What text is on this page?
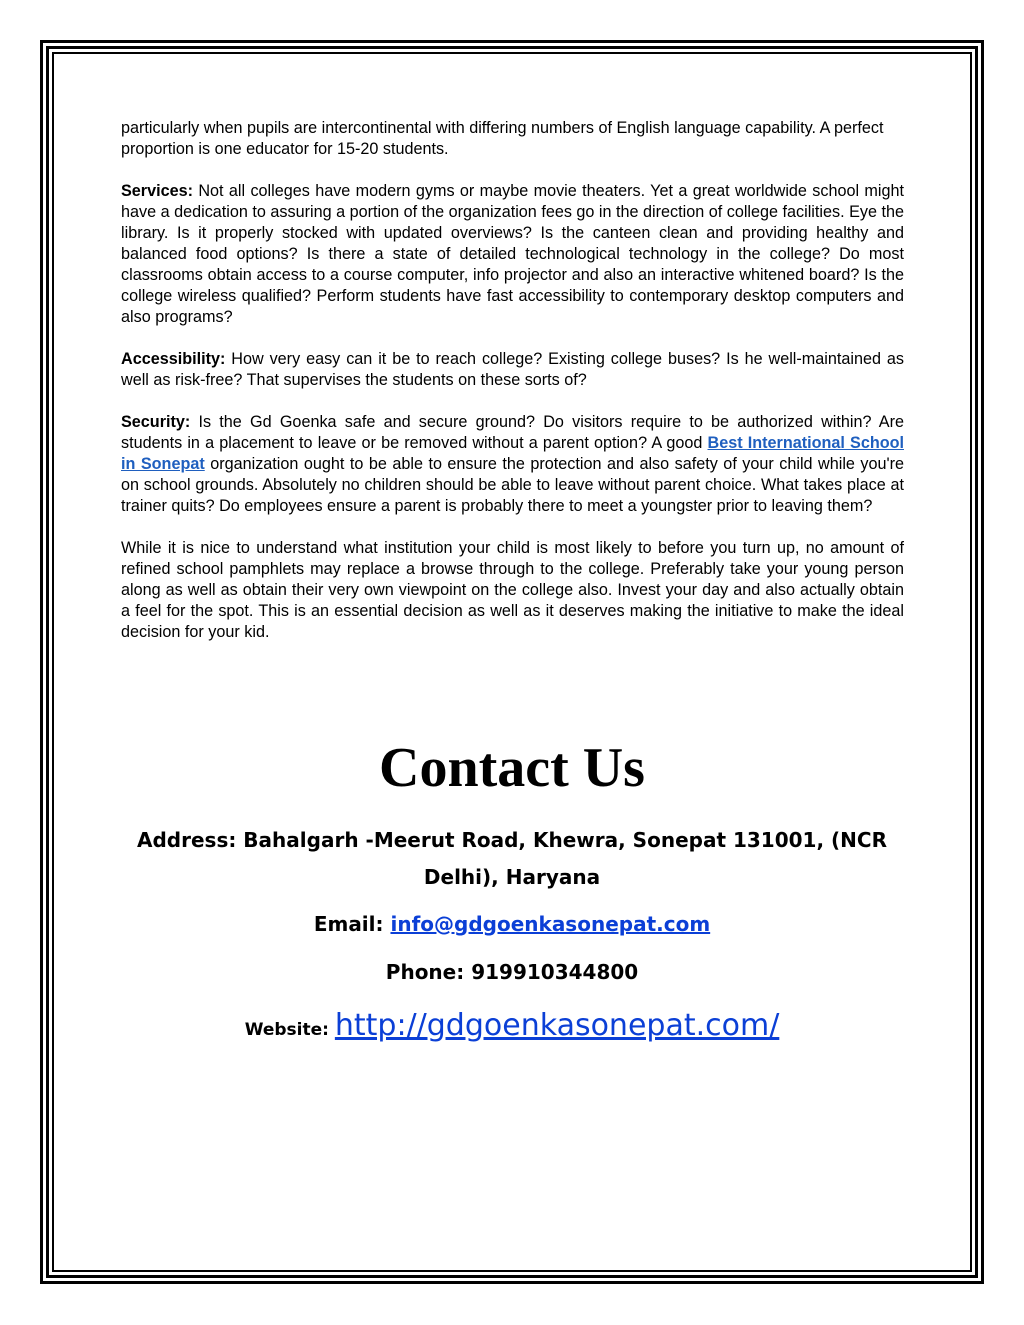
particularly when pupils are intercontinental with differing numbers of English language capability. A perfect proportion is one educator for 15-20 students.

Services: Not all colleges have modern gyms or maybe movie theaters. Yet a great worldwide school might have a dedication to assuring a portion of the organization fees go in the direction of college facilities. Eye the library. Is it properly stocked with updated overviews? Is the canteen clean and providing healthy and balanced food options? Is there a state of detailed technological technology in the college? Do most classrooms obtain access to a course computer, info projector and also an interactive whitened board? Is the college wireless qualified? Perform students have fast accessibility to contemporary desktop computers and also programs?

Accessibility: How very easy can it be to reach college? Existing college buses? Is he well-maintained as well as risk-free? That supervises the students on these sorts of?

Security: Is the Gd Goenka safe and secure ground? Do visitors require to be authorized within? Are students in a placement to leave or be removed without a parent option? A good Best International School in Sonepat organization ought to be able to ensure the protection and also safety of your child while you're on school grounds. Absolutely no children should be able to leave without parent choice. What takes place at trainer quits? Do employees ensure a parent is probably there to meet a youngster prior to leaving them?

While it is nice to understand what institution your child is most likely to before you turn up, no amount of refined school pamphlets may replace a browse through to the college. Preferably take your young person along as well as obtain their very own viewpoint on the college also. Invest your day and also actually obtain a feel for the spot. This is an essential decision as well as it deserves making the initiative to make the ideal decision for your kid.

Contact Us
Address: Bahalgarh -Meerut Road, Khewra, Sonepat 131001, (NCR Delhi), Haryana
Email: info@gdgoenkasonepat.com
Phone: 919910344800
Website: http://gdgoenkasonepat.com/
